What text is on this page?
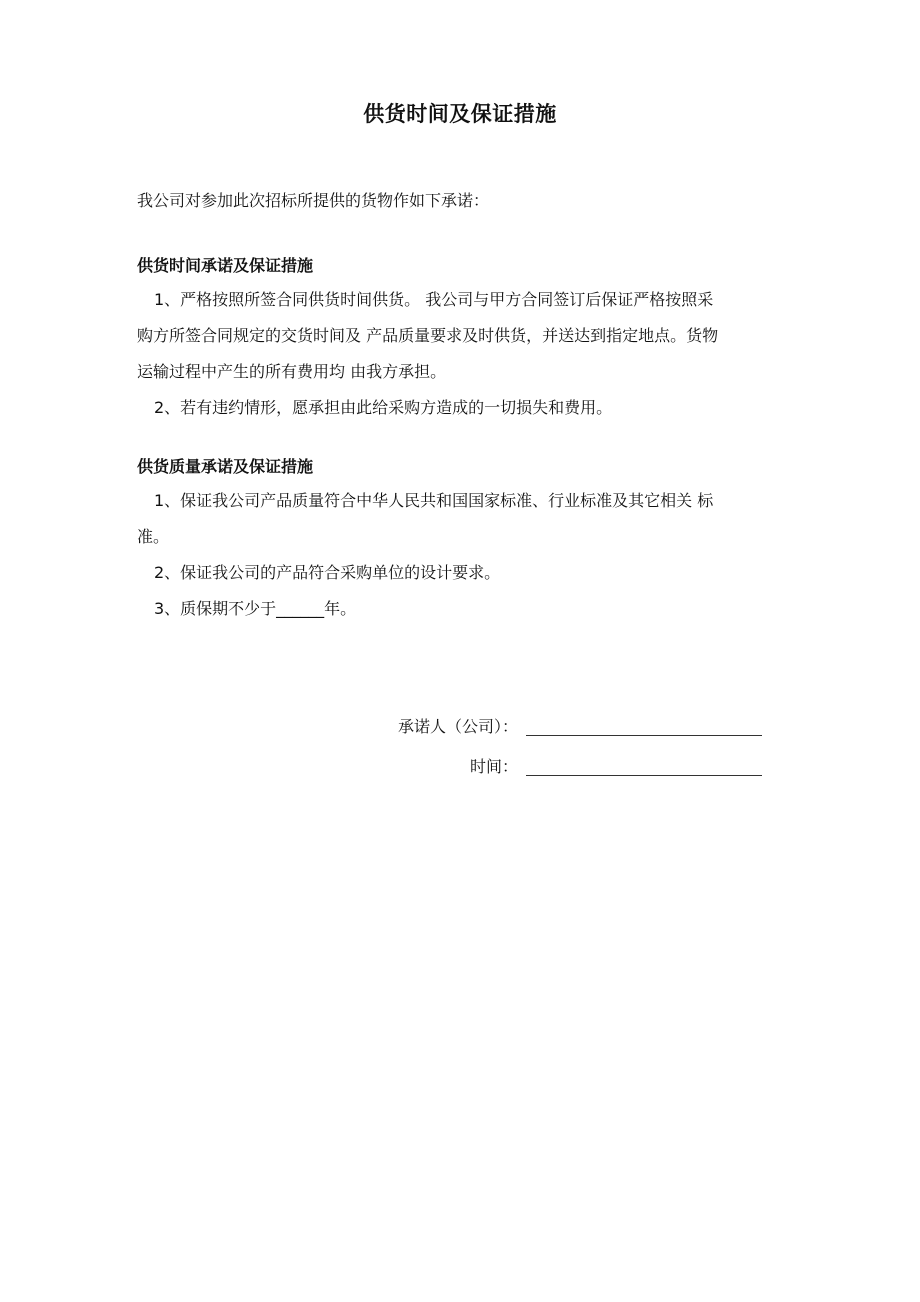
供货时间及保证措施
我公司对参加此次招标所提供的货物作如下承诺：
供货时间承诺及保证措施
1、严格按照所签合同供货时间供货。 我公司与甲方合同签订后保证严格按照采
购方所签合同规定的交货时间及 产品质量要求及时供货，并送达到指定地点。货物
运输过程中产生的所有费用均 由我方承担。
2、若有违约情形，愿承担由此给采购方造成的一切损失和费用。
供货质量承诺及保证措施
1、保证我公司产品质量符合中华人民共和国国家标准、行业标准及其它相关 标
准。
2、保证我公司的产品符合采购单位的设计要求。
3、质保期不少于______年。
承诺人（公司）：
时间：
